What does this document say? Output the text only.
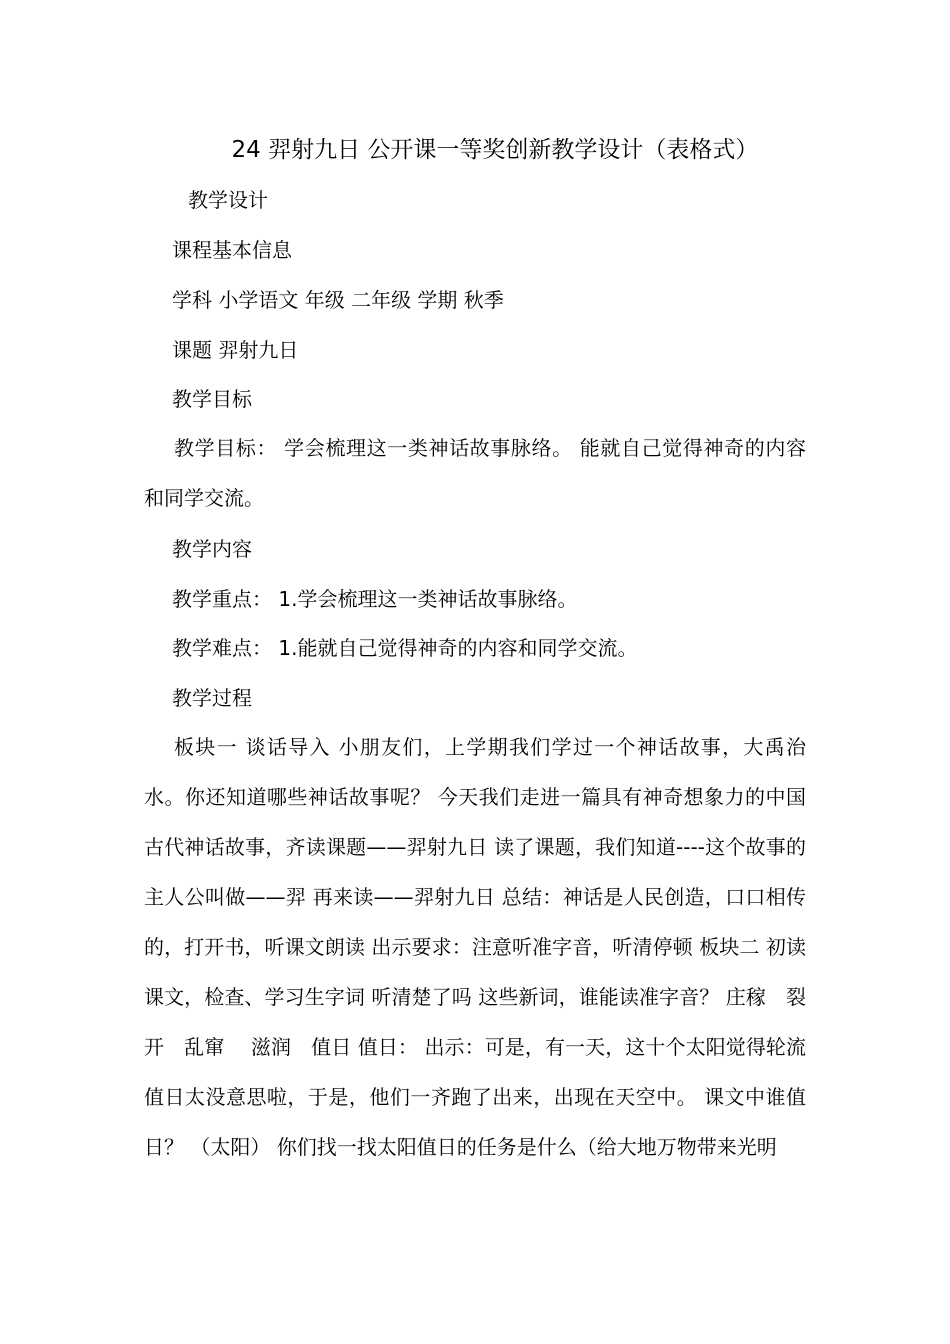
24 羿射九日 公开课一等奖创新教学设计（表格式）
教学设计
课程基本信息
学科 小学语文 年级 二年级 学期 秋季
课题 羿射九日
教学目标
教学目标： 学会梳理这一类神话故事脉络。 能就自己觉得神奇的内容和同学交流。
教学内容
教学重点： 1.学会梳理这一类神话故事脉络。
教学难点： 1.能就自己觉得神奇的内容和同学交流。
教学过程
板块一 谈话导入 小朋友们，上学期我们学过一个神话故事，大禹治水。你还知道哪些神话故事呢？ 今天我们走进一篇具有神奇想象力的中国古代神话故事，齐读课题——羿射九日 读了课题，我们知道----这个故事的主人公叫做——羿 再来读——羿射九日 总结：神话是人民创造，口口相传的，打开书，听课文朗读 出示要求：注意听准字音，听清停顿 板块二 初读课文，检查、学习生字词 听清楚了吗 这些新词，谁能读准字音？ 庄稼　裂开　乱窜　 滋润　值日 值日： 出示：可是，有一天，这十个太阳觉得轮流值日太没意思啦，于是，他们一齐跑了出来，出现在天空中。 课文中谁值日？ （太阳） 你们找一找太阳值日的任务是什么（给大地万物带来光明
